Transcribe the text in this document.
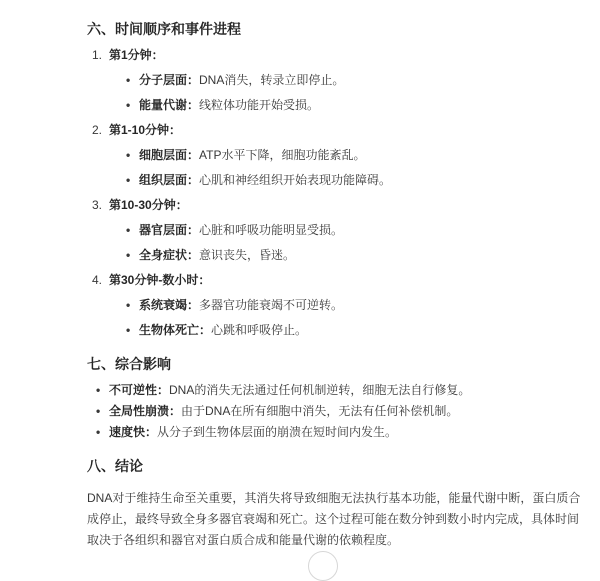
六、时间顺序和事件进程
1. 第1分钟：
• 分子层面：DNA消失，转录立即停止。
• 能量代谢：线粒体功能开始受损。
2. 第1-10分钟：
• 细胞层面：ATP水平下降，细胞功能紊乱。
• 组织层面：心肌和神经组织开始表现功能障碍。
3. 第10-30分钟：
• 器官层面：心脏和呼吸功能明显受损。
• 全身症状：意识丧失，昏迷。
4. 第30分钟-数小时：
• 系统衰竭：多器官功能衰竭不可逆转。
• 生物体死亡：心跳和呼吸停止。
七、综合影响
• 不可逆性：DNA的消失无法通过任何机制逆转，细胞无法自行修复。
• 全局性崩溃：由于DNA在所有细胞中消失，无法有任何补偿机制。
• 速度快：从分子到生物体层面的崩溃在短时间内发生。
八、结论

DNA对于维持生命至关重要，其消失将导致细胞无法执行基本功能，能量代谢中断，蛋白质合成停止，最终导致全身多器官衰竭和死亡。这个过程可能在数分钟到数小时内完成，具体时间取决于各组织和器官对蛋白质合成和能量代谢的依赖程度。
